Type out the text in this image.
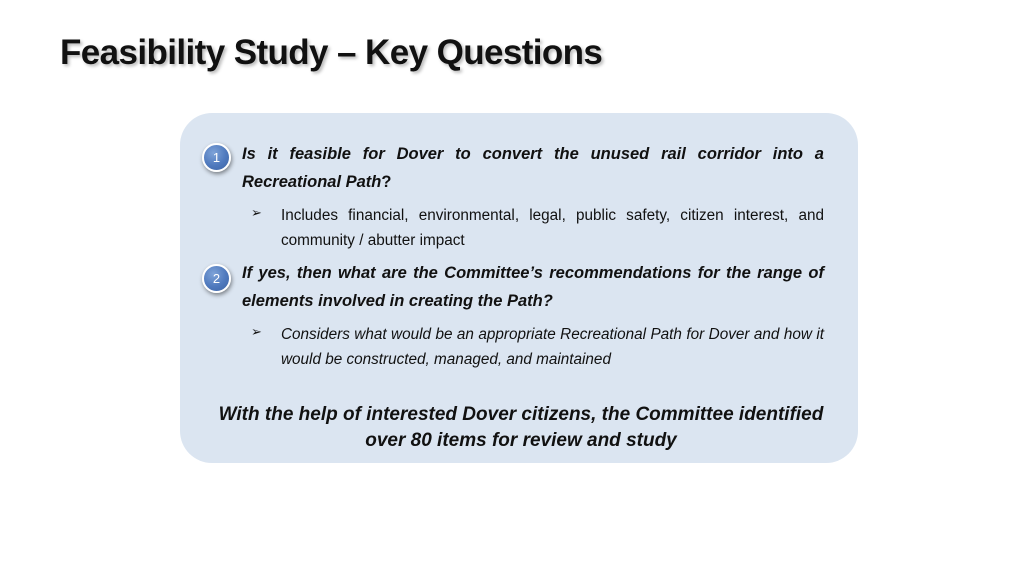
Feasibility Study – Key Questions
1	Is it feasible for Dover to convert the unused rail corridor into a Recreational Path?

➢ Includes financial, environmental, legal, public safety, citizen interest, and community / abutter impact

2	If yes, then what are the Committee’s recommendations for the range of elements involved in creating the Path?

➢ Considers what would be an appropriate Recreational Path for Dover and how it would be constructed, managed, and maintained

With the help of interested Dover citizens, the Committee identified over 80 items for review and study
